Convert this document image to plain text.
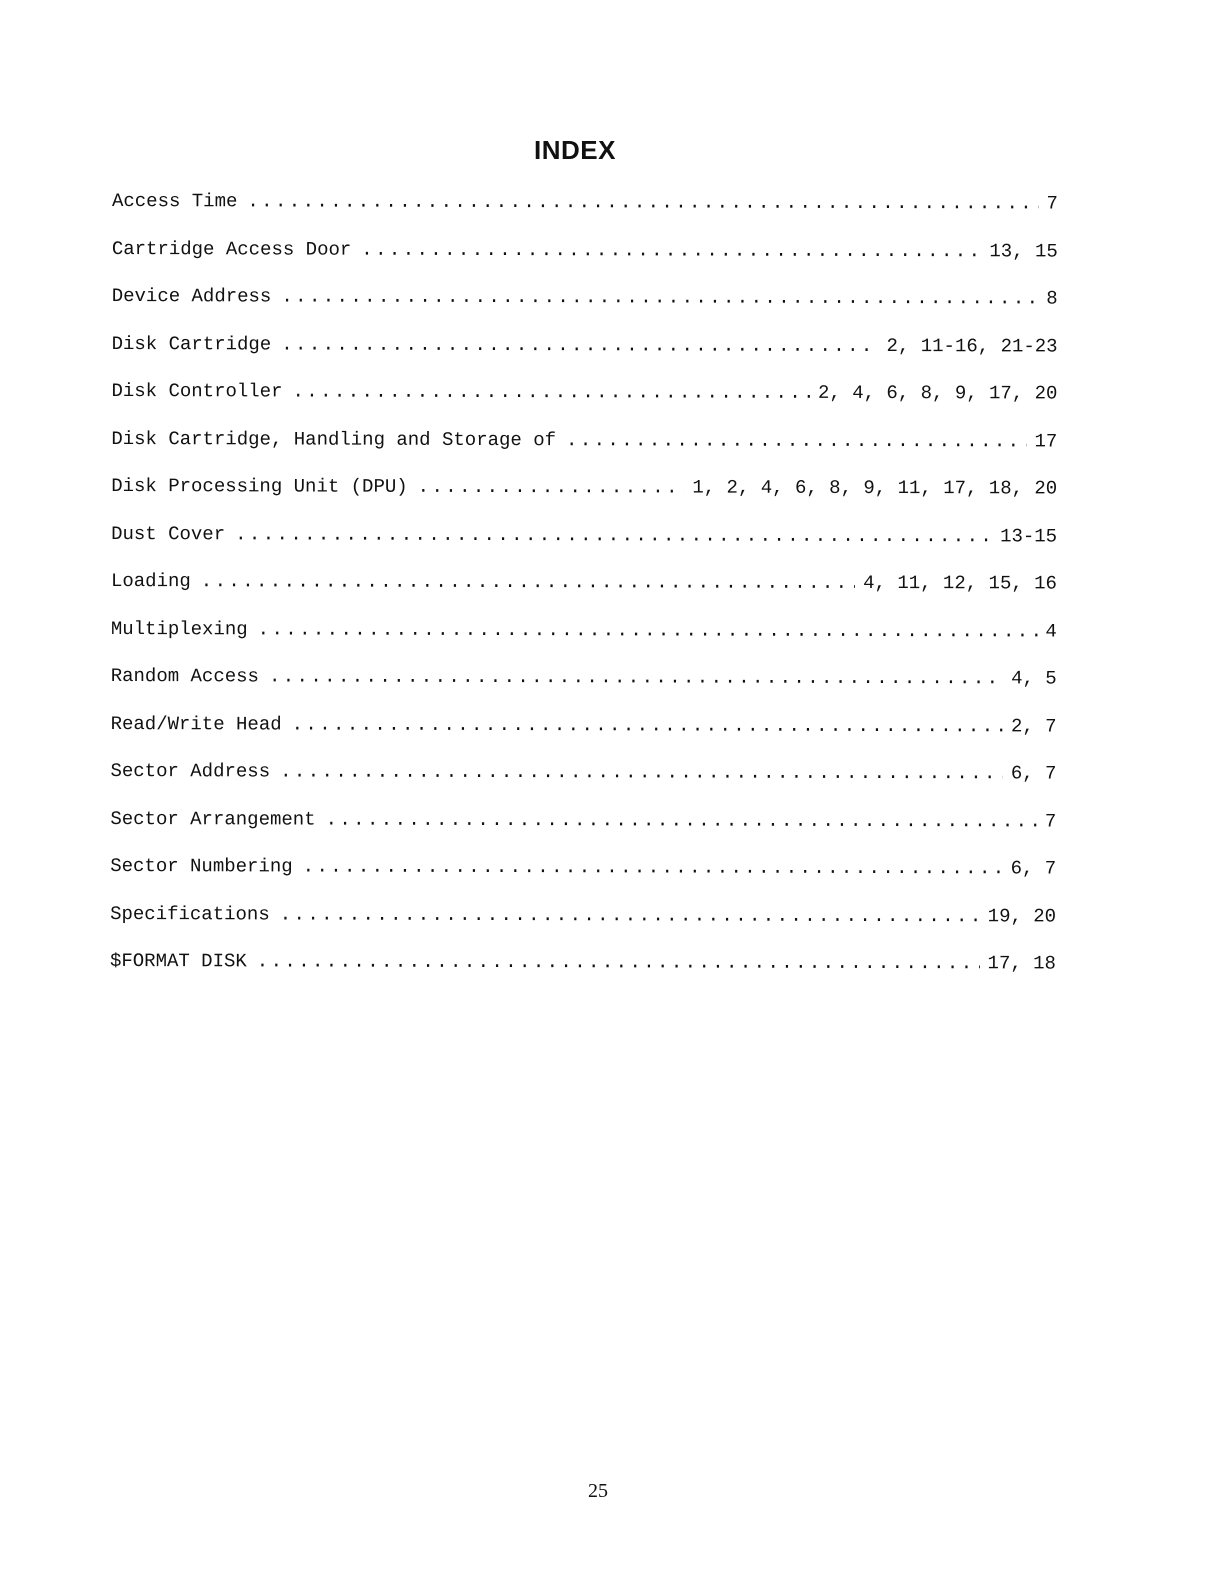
INDEX
Access Time .....	7
Cartridge Access Door .....	13, 15
Device Address .....	8
Disk Cartridge .....	2, 11-16, 21-23
Disk Controller .....	2, 4, 6, 8, 9, 17, 20
Disk Cartridge, Handling and Storage of .....	17
Disk Processing Unit (DPU) .....	1, 2, 4, 6, 8, 9, 11, 17, 18, 20
Dust Cover .....	13-15
Loading .....	4, 11, 12, 15, 16
Multiplexing .....	4
Random Access .....	4, 5
Read/Write Head .....	2, 7
Sector Address .....	6, 7
Sector Arrangement .....	7
Sector Numbering .....	6, 7
Specifications .....	19, 20
$FORMAT DISK .....	17, 18
25
